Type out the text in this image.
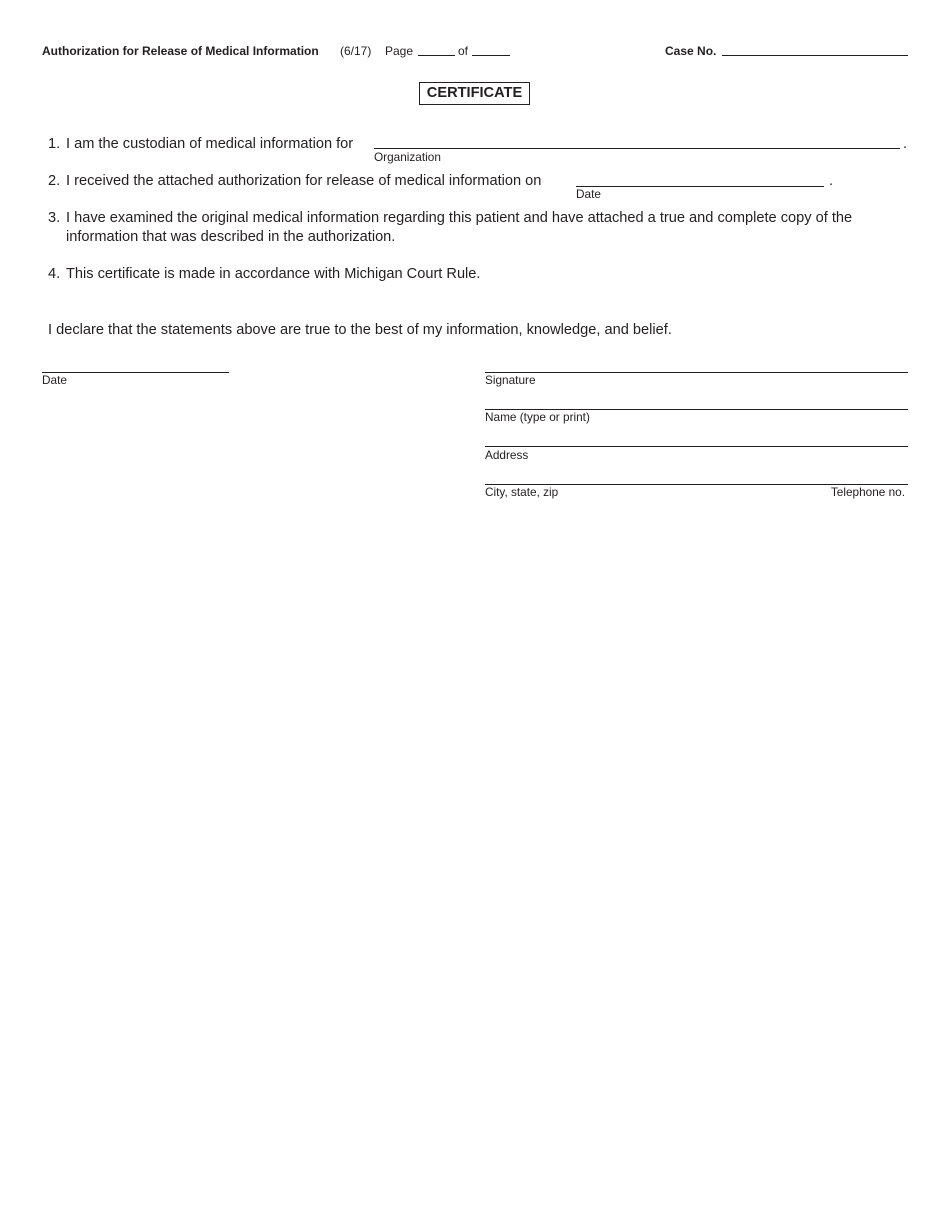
Authorization for Release of Medical Information (6/17) Page	of	Case No.
CERTIFICATE
1. I am the custodian of medical information for	.
Organization
2. I received the attached authorization for release of medical information on	.
Date
3. I have examined the original medical information regarding this patient and have attached a true and complete copy of the
information that was described in the authorization.
4. This certificate is made in accordance with Michigan Court Rule.
I declare that the statements above are true to the best of my information, knowledge, and belief.
Date	Signature
Name (type or print)
Address
City, state, zip	Telephone no.
